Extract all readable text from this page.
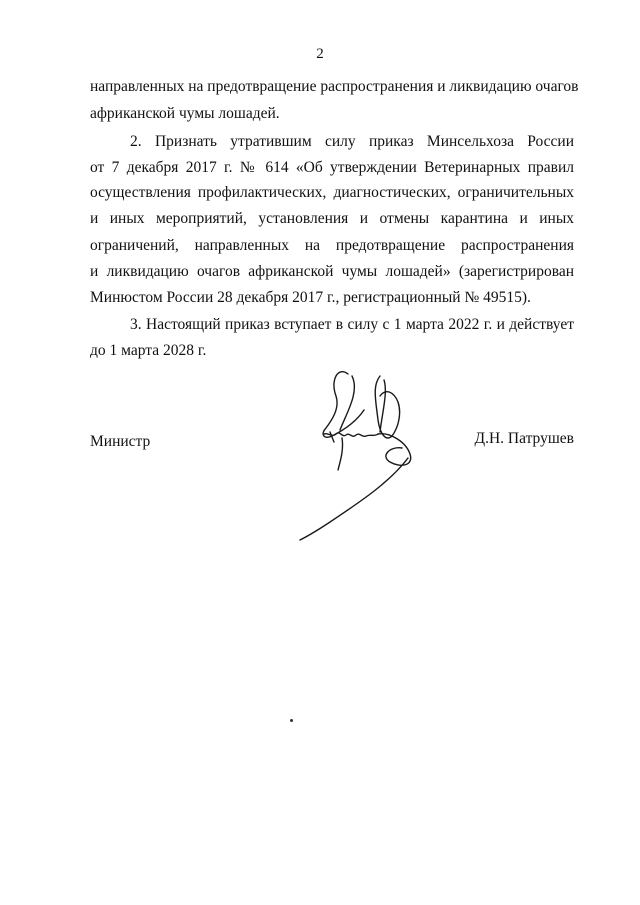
2
направленных на предотвращение распространения и ликвидацию очагов
африканской чумы лошадей.
2. Признать утратившим силу приказ Минсельхоза России
от 7 декабря 2017 г. № 614 «Об утверждении Ветеринарных правил
осуществления профилактических, диагностических, ограничительных
и иных мероприятий, установления и отмены карантина и иных
ограничений, направленных на предотвращение распространения
и ликвидацию очагов африканской чумы лошадей» (зарегистрирован
Минюстом России 28 декабря 2017 г., регистрационный № 49515).
3. Настоящий приказ вступает в силу с 1 марта 2022 г. и действует
до 1 марта 2028 г.
Министр	Д.Н. Патрушев
